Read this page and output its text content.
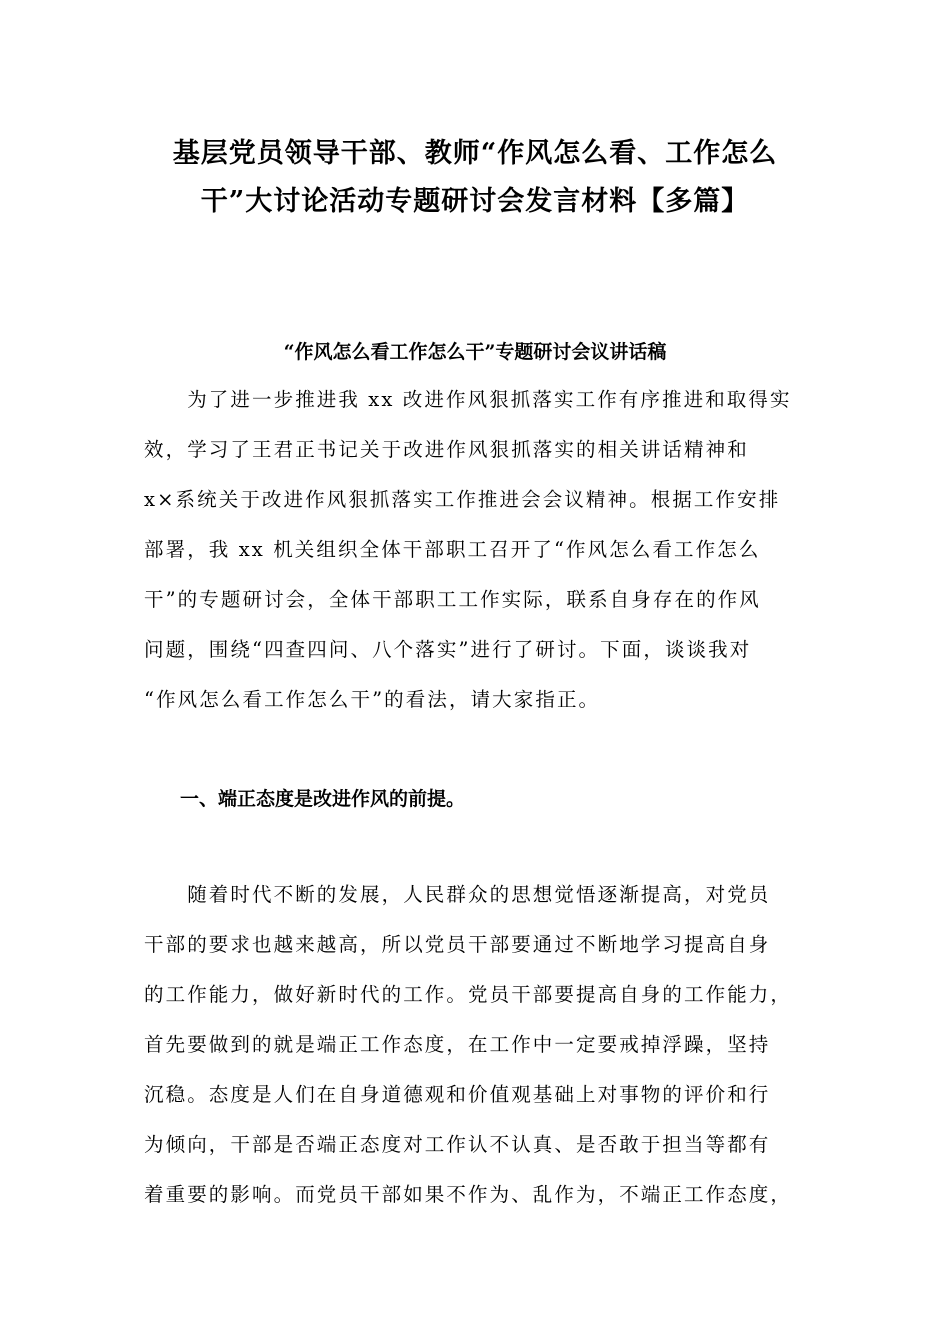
基层党员领导干部、教师“作风怎么看、工作怎么
干”大讨论活动专题研讨会发言材料【多篇】
“作风怎么看工作怎么干”专题研讨会议讲话稿

　　为了进一步推进我 xx 改进作风狠抓落实工作有序推进和取得实
效，学习了王君正书记关于改进作风狠抓落实的相关讲话精神和
x×系统关于改进作风狠抓落实工作推进会会议精神。根据工作安排
部署，我 xx 机关组织全体干部职工召开了“作风怎么看工作怎么
干”的专题研讨会，全体干部职工工作实际，联系自身存在的作风
问题，围绕“四查四问、八个落实”进行了研讨。下面，谈谈我对
“作风怎么看工作怎么干”的看法，请大家指正。

一、端正态度是改进作风的前提。

　　随着时代不断的发展，人民群众的思想觉悟逐渐提高，对党员
干部的要求也越来越高，所以党员干部要通过不断地学习提高自身
的工作能力，做好新时代的工作。党员干部要提高自身的工作能力，
首先要做到的就是端正工作态度，在工作中一定要戒掉浮躁，坚持
沉稳。态度是人们在自身道德观和价值观基础上对事物的评价和行
为倾向，干部是否端正态度对工作认不认真、是否敢于担当等都有
着重要的影响。而党员干部如果不作为、乱作为，不端正工作态度，
